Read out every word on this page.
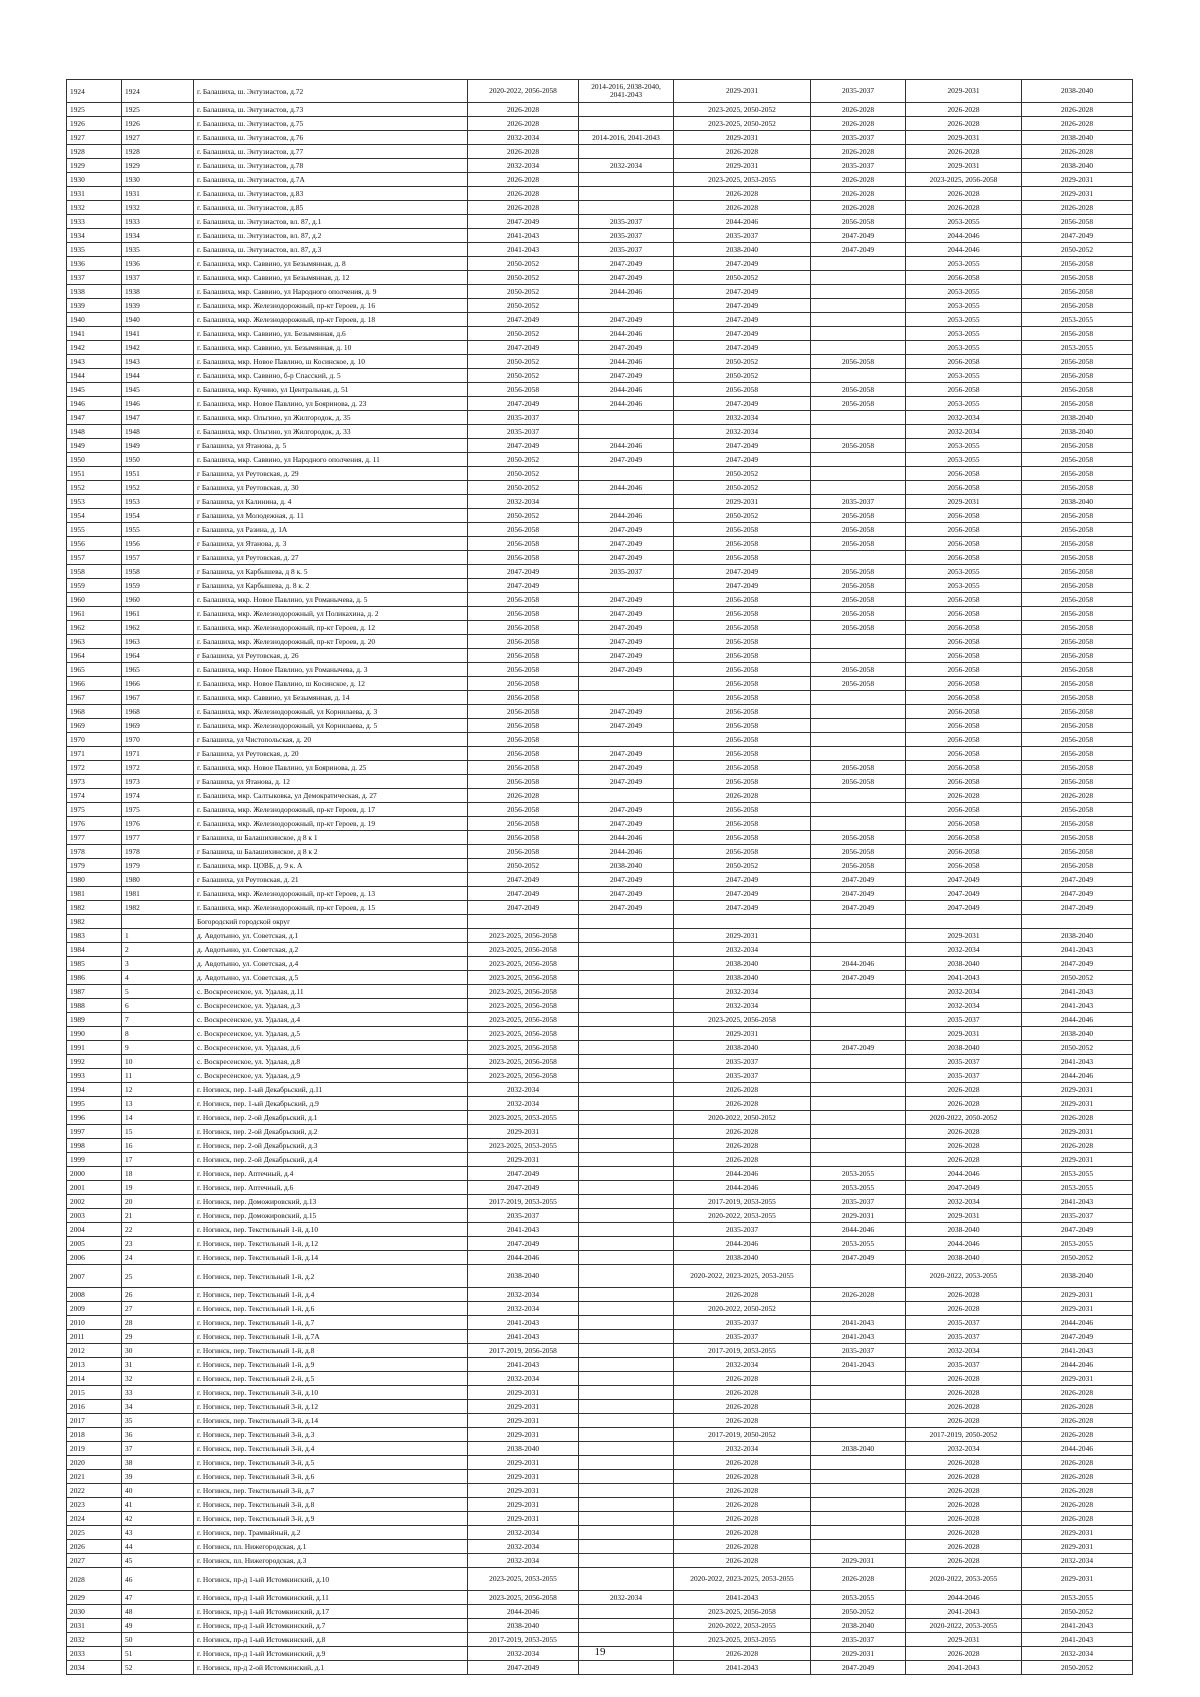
1924	1924	г. Балашиха, ш. Энтузиастов, д.72	2020-2022, 2056-2058	2014-2016, 2038-2040, 2041-2043	2029-2031	2035-2037	2029-2031	2038-2040
1925	1925	г. Балашиха, ш. Энтузиастов, д.73	2026-2028		2023-2025, 2050-2052	2026-2028	2026-2028	2026-2028
1926	1926	г. Балашиха, ш. Энтузиастов, д.75	2026-2028		2023-2025, 2050-2052	2026-2028	2026-2028	2026-2028
1927	1927	г. Балашиха, ш. Энтузиастов, д.76	2032-2034	2014-2016, 2041-2043	2029-2031	2035-2037	2029-2031	2038-2040
1928	1928	г. Балашиха, ш. Энтузиастов, д.77	2026-2028		2026-2028	2026-2028	2026-2028	2026-2028
1929	1929	г. Балашиха, ш. Энтузиастов, д.78	2032-2034	2032-2034	2029-2031	2035-2037	2029-2031	2038-2040
1930	1930	г. Балашиха, ш. Энтузиастов, д.7А	2026-2028		2023-2025, 2053-2055	2026-2028	2023-2025, 2056-2058	2029-2031
1931	1931	г. Балашиха, ш. Энтузиастов, д.83	2026-2028		2026-2028	2026-2028	2026-2028	2029-2031
1932	1932	г. Балашиха, ш. Энтузиастов, д.85	2026-2028		2026-2028	2026-2028	2026-2028	2026-2028
1933	1933	г. Балашиха, ш. Энтузиастов, вл. 87, д.1	2047-2049	2035-2037	2044-2046	2056-2058	2053-2055	2056-2058
1934	1934	г. Балашиха, ш. Энтузиастов, вл. 87, д.2	2041-2043	2035-2037	2035-2037	2047-2049	2044-2046	2047-2049
1935	1935	г. Балашиха, ш. Энтузиастов, вл. 87, д.3	2041-2043	2035-2037	2038-2040	2047-2049	2044-2046	2050-2052
1936	1936	г. Балашиха, мкр. Саввино, ул Безымянная, д. 8	2050-2052	2047-2049	2047-2049		2053-2055	2056-2058
1937	1937	г. Балашиха, мкр. Саввино, ул Безымянная, д. 12	2050-2052	2047-2049	2050-2052		2056-2058	2056-2058
1938	1938	г. Балашиха, мкр. Саввино, ул Народного ополчения, д. 9	2050-2052	2044-2046	2047-2049		2053-2055	2056-2058
1939	1939	г. Балашиха, мкр. Железнодорожный, пр-кт Героев, д. 16	2050-2052		2047-2049		2053-2055	2056-2058
1940	1940	г. Балашиха, мкр. Железнодорожный, пр-кт Героев, д. 18	2047-2049	2047-2049	2047-2049		2053-2055	2053-2055
1941	1941	г. Балашиха, мкр. Саввино, ул. Безымянная, д.6	2050-2052	2044-2046	2047-2049		2053-2055	2056-2058
1942	1942	г. Балашиха, мкр. Саввино, ул. Безымянная, д. 10	2047-2049	2047-2049	2047-2049		2053-2055	2053-2055
1943	1943	г. Балашиха, мкр. Новое Павлино, ш Косинское, д. 10	2050-2052	2044-2046	2050-2052	2056-2058	2056-2058	2056-2058
1944	1944	г. Балашиха, мкр. Саввино, б-р Спасский, д. 5	2050-2052	2047-2049	2050-2052		2053-2055	2056-2058
1945	1945	г. Балашиха, мкр. Кучино, ул Центральная, д. 51	2056-2058	2044-2046	2056-2058	2056-2058	2056-2058	2056-2058
1946	1946	г. Балашиха, мкр. Новое Павлино, ул Бояринова, д. 23	2047-2049	2044-2046	2047-2049	2056-2058	2053-2055	2056-2058
1947	1947	г. Балашиха, мкр. Ольгино, ул Жилгородок, д. 35	2035-2037		2032-2034		2032-2034	2038-2040
1948	1948	г. Балашиха, мкр. Ольгино, ул Жилгородок, д. 33	2035-2037		2032-2034		2032-2034	2038-2040
1949	1949	г Балашиха, ул Ятанова, д. 5	2047-2049	2044-2046	2047-2049	2056-2058	2053-2055	2056-2058
1950	1950	г. Балашиха, мкр. Саввино, ул Народного ополчения, д. 11	2050-2052	2047-2049	2047-2049		2053-2055	2056-2058
1951	1951	г Балашиха, ул Реутовская, д. 29	2050-2052		2050-2052		2056-2058	2056-2058
1952	1952	г Балашиха, ул Реутовская, д. 30	2050-2052	2044-2046	2050-2052		2056-2058	2056-2058
1953	1953	г Балашиха, ул Калинина, д. 4	2032-2034		2029-2031	2035-2037	2029-2031	2038-2040
1954	1954	г Балашиха, ул Молодежная, д. 11	2050-2052	2044-2046	2050-2052	2056-2058	2056-2058	2056-2058
1955	1955	г Балашиха, ул Разина, д. 1А	2056-2058	2047-2049	2056-2058	2056-2058	2056-2058	2056-2058
1956	1956	г Балашиха, ул Ятанова, д. 3	2056-2058	2047-2049	2056-2058	2056-2058	2056-2058	2056-2058
1957	1957	г Балашиха, ул Реутовская, д. 27	2056-2058	2047-2049	2056-2058		2056-2058	2056-2058
1958	1958	г Балашиха, ул Карбышева, д 8 к. 5	2047-2049	2035-2037	2047-2049	2056-2058	2053-2055	2056-2058
1959	1959	г Балашиха, ул Карбышева, д. 8 к. 2	2047-2049		2047-2049	2056-2058	2053-2055	2056-2058
1960	1960	г. Балашиха, мкр. Новое Павлино, ул Романычева, д. 5	2056-2058	2047-2049	2056-2058	2056-2058	2056-2058	2056-2058
1961	1961	г. Балашиха, мкр. Железнодорожный, ул Поликахина, д. 2	2056-2058	2047-2049	2056-2058	2056-2058	2056-2058	2056-2058
1962	1962	г. Балашиха, мкр. Железнодорожный, пр-кт Героев, д. 12	2056-2058	2047-2049	2056-2058	2056-2058	2056-2058	2056-2058
1963	1963	г. Балашиха, мкр. Железнодорожный, пр-кт Героев, д. 20	2056-2058	2047-2049	2056-2058		2056-2058	2056-2058
1964	1964	г Балашиха, ул Реутовская, д. 26	2056-2058	2047-2049	2056-2058		2056-2058	2056-2058
1965	1965	г. Балашиха, мкр. Новое Павлино, ул Романычева, д. 3	2056-2058	2047-2049	2056-2058	2056-2058	2056-2058	2056-2058
1966	1966	г. Балашиха, мкр. Новое Павлино, ш Косинское, д. 12	2056-2058		2056-2058	2056-2058	2056-2058	2056-2058
1967	1967	г. Балашиха, мкр. Саввино, ул Безымянная, д. 14	2056-2058		2056-2058		2056-2058	2056-2058
1968	1968	г. Балашиха, мкр. Железнодорожный, ул Корнилаева, д. 3	2056-2058	2047-2049	2056-2058		2056-2058	2056-2058
1969	1969	г. Балашиха, мкр. Железнодорожный, ул Корнилаева, д. 5	2056-2058	2047-2049	2056-2058		2056-2058	2056-2058
1970	1970	г Балашиха, ул Чистопольская, д. 20	2056-2058		2056-2058		2056-2058	2056-2058
1971	1971	г Балашиха, ул Реутовская, д. 20	2056-2058	2047-2049	2056-2058		2056-2058	2056-2058
1972	1972	г. Балашиха, мкр. Новое Павлино, ул Бояринова, д. 25	2056-2058	2047-2049	2056-2058	2056-2058	2056-2058	2056-2058
1973	1973	г Балашиха, ул Ятанова, д. 12	2056-2058	2047-2049	2056-2058	2056-2058	2056-2058	2056-2058
1974	1974	г. Балашиха, мкр. Салтыковка, ул Демократическая, д. 27	2026-2028		2026-2028		2026-2028	2026-2028
1975	1975	г. Балашиха, мкр. Железнодорожный, пр-кт Героев, д. 17	2056-2058	2047-2049	2056-2058		2056-2058	2056-2058
1976	1976	г. Балашиха, мкр. Железнодорожный, пр-кт Героев, д. 19	2056-2058	2047-2049	2056-2058		2056-2058	2056-2058
1977	1977	г Балашиха, ш Балашихинское, д 8 к 1	2056-2058	2044-2046	2056-2058	2056-2058	2056-2058	2056-2058
1978	1978	г Балашиха, ш Балашихинское, д 8 к 2	2056-2058	2044-2046	2056-2058	2056-2058	2056-2058	2056-2058
1979	1979	г. Балашиха, мкр. ЦОВБ, д. 9 к. А	2050-2052	2038-2040	2050-2052	2056-2058	2056-2058	2056-2058
1980	1980	г Балашиха, ул Реутовская, д. 21	2047-2049	2047-2049	2047-2049	2047-2049	2047-2049	2047-2049
1981	1981	г. Балашиха, мкр. Железнодорожный, пр-кт Героев, д. 13	2047-2049	2047-2049	2047-2049	2047-2049	2047-2049	2047-2049
1982	1982	г. Балашиха, мкр. Железнодорожный, пр-кт Героев, д. 15	2047-2049	2047-2049	2047-2049	2047-2049	2047-2049	2047-2049
1982		Богородский городской округ						
1983	1	д. Авдотьино, ул. Советская, д.1	2023-2025, 2056-2058		2029-2031		2029-2031	2038-2040
1984	2	д. Авдотьино, ул. Советская, д.2	2023-2025, 2056-2058		2032-2034		2032-2034	2041-2043
1985	3	д. Авдотьино, ул. Советская, д.4	2023-2025, 2056-2058		2038-2040	2044-2046	2038-2040	2047-2049
1986	4	д. Авдотьино, ул. Советская, д.5	2023-2025, 2056-2058		2038-2040	2047-2049	2041-2043	2050-2052
1987	5	с. Воскресенское, ул. Удалая, д.11	2023-2025, 2056-2058		2032-2034		2032-2034	2041-2043
1988	6	с. Воскресенское, ул. Удалая, д.3	2023-2025, 2056-2058		2032-2034		2032-2034	2041-2043
1989	7	с. Воскресенское, ул. Удалая, д.4	2023-2025, 2056-2058		2023-2025, 2056-2058		2035-2037	2044-2046
1990	8	с. Воскресенское, ул. Удалая, д.5	2023-2025, 2056-2058		2029-2031		2029-2031	2038-2040
1991	9	с. Воскресенское, ул. Удалая, д.6	2023-2025, 2056-2058		2038-2040	2047-2049	2038-2040	2050-2052
1992	10	с. Воскресенское, ул. Удалая, д.8	2023-2025, 2056-2058		2035-2037		2035-2037	2041-2043
1993	11	с. Воскресенское, ул. Удалая, д.9	2023-2025, 2056-2058		2035-2037		2035-2037	2044-2046
1994	12	г. Ногинск, пер. 1-ый Декабрьский, д.11	2032-2034		2026-2028		2026-2028	2029-2031
1995	13	г. Ногинск, пер. 1-ый Декабрьский, д.9	2032-2034		2026-2028		2026-2028	2029-2031
1996	14	г. Ногинск, пер. 2-ой Декабрьский, д.1	2023-2025, 2053-2055		2020-2022, 2050-2052		2020-2022, 2050-2052	2026-2028
1997	15	г. Ногинск, пер. 2-ой Декабрьский, д.2	2029-2031		2026-2028		2026-2028	2029-2031
1998	16	г. Ногинск, пер. 2-ой Декабрьский, д.3	2023-2025, 2053-2055		2026-2028		2026-2028	2026-2028
1999	17	г. Ногинск, пер. 2-ой Декабрьский, д.4	2029-2031		2026-2028		2026-2028	2029-2031
2000	18	г. Ногинск, пер. Аптечный, д.4	2047-2049		2044-2046	2053-2055	2044-2046	2053-2055
2001	19	г. Ногинск, пер. Аптечный, д.6	2047-2049		2044-2046	2053-2055	2047-2049	2053-2055
2002	20	г. Ногинск, пер. Доможировский, д.13	2017-2019, 2053-2055		2017-2019, 2053-2055	2035-2037	2032-2034	2041-2043
2003	21	г. Ногинск, пер. Доможировский, д.15	2035-2037		2020-2022, 2053-2055	2029-2031	2029-2031	2035-2037
2004	22	г. Ногинск, пер. Текстильный 1-й, д.10	2041-2043		2035-2037	2044-2046	2038-2040	2047-2049
2005	23	г. Ногинск, пер. Текстильный 1-й, д.12	2047-2049		2044-2046	2053-2055	2044-2046	2053-2055
2006	24	г. Ногинск, пер. Текстильный 1-й, д.14	2044-2046		2038-2040	2047-2049	2038-2040	2050-2052
2007	25	г. Ногинск, пер. Текстильный 1-й, д.2	2038-2040		2020-2022, 2023-2025, 2053-2055		2020-2022, 2053-2055	2038-2040
2008	26	г. Ногинск, пер. Текстильный 1-й, д.4	2032-2034		2026-2028	2026-2028	2026-2028	2029-2031
2009	27	г. Ногинск, пер. Текстильный 1-й, д.6	2032-2034		2020-2022, 2050-2052		2026-2028	2029-2031
2010	28	г. Ногинск, пер. Текстильный 1-й, д.7	2041-2043		2035-2037	2041-2043	2035-2037	2044-2046
2011	29	г. Ногинск, пер. Текстильный 1-й, д.7А	2041-2043		2035-2037	2041-2043	2035-2037	2047-2049
2012	30	г. Ногинск, пер. Текстильный 1-й, д.8	2017-2019, 2056-2058		2017-2019, 2053-2055	2035-2037	2032-2034	2041-2043
2013	31	г. Ногинск, пер. Текстильный 1-й, д.9	2041-2043		2032-2034	2041-2043	2035-2037	2044-2046
2014	32	г. Ногинск, пер. Текстильный 2-й, д.5	2032-2034		2026-2028		2026-2028	2029-2031
2015	33	г. Ногинск, пер. Текстильный 3-й, д.10	2029-2031		2026-2028		2026-2028	2026-2028
2016	34	г. Ногинск, пер. Текстильный 3-й, д.12	2029-2031		2026-2028		2026-2028	2026-2028
2017	35	г. Ногинск, пер. Текстильный 3-й, д.14	2029-2031		2026-2028		2026-2028	2026-2028
2018	36	г. Ногинск, пер. Текстильный 3-й, д.3	2029-2031		2017-2019, 2050-2052		2017-2019, 2050-2052	2026-2028
2019	37	г. Ногинск, пер. Текстильный 3-й, д.4	2038-2040		2032-2034	2038-2040	2032-2034	2044-2046
2020	38	г. Ногинск, пер. Текстильный 3-й, д.5	2029-2031		2026-2028		2026-2028	2026-2028
2021	39	г. Ногинск, пер. Текстильный 3-й, д.6	2029-2031		2026-2028		2026-2028	2026-2028
2022	40	г. Ногинск, пер. Текстильный 3-й, д.7	2029-2031		2026-2028		2026-2028	2026-2028
2023	41	г. Ногинск, пер. Текстильный 3-й, д.8	2029-2031		2026-2028		2026-2028	2026-2028
2024	42	г. Ногинск, пер. Текстильный 3-й, д.9	2029-2031		2026-2028		2026-2028	2026-2028
2025	43	г. Ногинск, пер. Трамвайный, д.2	2032-2034		2026-2028		2026-2028	2029-2031
2026	44	г. Ногинск, пл. Нижегородская, д.1	2032-2034		2026-2028		2026-2028	2029-2031
2027	45	г. Ногинск, пл. Нижегородская, д.3	2032-2034		2026-2028	2029-2031	2026-2028	2032-2034
2028	46	г. Ногинск, пр-д 1-ый Истомкинский, д.10	2023-2025, 2053-2055		2020-2022, 2023-2025, 2053-2055	2026-2028	2020-2022, 2053-2055	2029-2031
2029	47	г. Ногинск, пр-д 1-ый Истомкинский, д.11	2023-2025, 2056-2058	2032-2034	2041-2043	2053-2055	2044-2046	2053-2055
2030	48	г. Ногинск, пр-д 1-ый Истомкинский, д.17	2044-2046		2023-2025, 2056-2058	2050-2052	2041-2043	2050-2052
2031	49	г. Ногинск, пр-д 1-ый Истомкинский, д.7	2038-2040		2020-2022, 2053-2055	2038-2040	2020-2022, 2053-2055	2041-2043
2032	50	г. Ногинск, пр-д 1-ый Истомкинский, д.8	2017-2019, 2053-2055		2023-2025, 2053-2055	2035-2037	2029-2031	2041-2043
2033	51	г. Ногинск, пр-д 1-ый Истомкинский, д.9	2032-2034		2026-2028	2029-2031	2026-2028	2032-2034
2034	52	г. Ногинск, пр-д 2-ой Истомкинский, д.1	2047-2049		2041-2043	2047-2049	2041-2043	2050-2052
19
